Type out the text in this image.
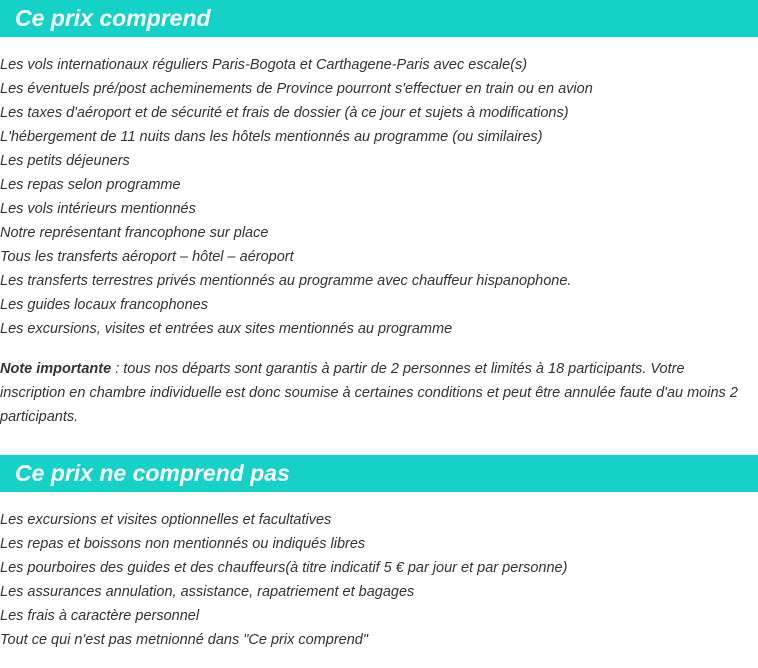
Ce prix comprend
Les vols internationaux réguliers Paris-Bogota et Carthagene-Paris avec escale(s)
Les éventuels pré/post acheminements de Province pourront s'effectuer en train ou en avion
Les taxes d'aéroport et de sécurité et frais de dossier (à ce jour et sujets à modifications)
L'hébergement de 11 nuits dans les hôtels mentionnés au programme (ou similaires)
Les petits déjeuners
Les repas selon programme
Les vols intérieurs mentionnés
Notre représentant francophone sur place
Tous les transferts aéroport – hôtel – aéroport
Les transferts terrestres privés mentionnés au programme avec chauffeur hispanophone.
Les guides locaux francophones
Les excursions, visites et entrées aux sites mentionnés au programme

Note importante : tous nos départs sont garantis à partir de 2 personnes et limités à 18 participants. Votre inscription en chambre individuelle est donc soumise à certaines conditions et peut être annulée faute d'au moins 2 participants.

Ce prix ne comprend pas
Les excursions et visites optionnelles et facultatives
Les repas et boissons non mentionnés ou indiqués libres
Les pourboires des guides et des chauffeurs(à titre indicatif 5 € par jour et par personne)
Les assurances annulation, assistance, rapatriement et bagages
Les frais à caractère personnel
Tout ce qui n'est pas metnionné dans "Ce prix comprend"
